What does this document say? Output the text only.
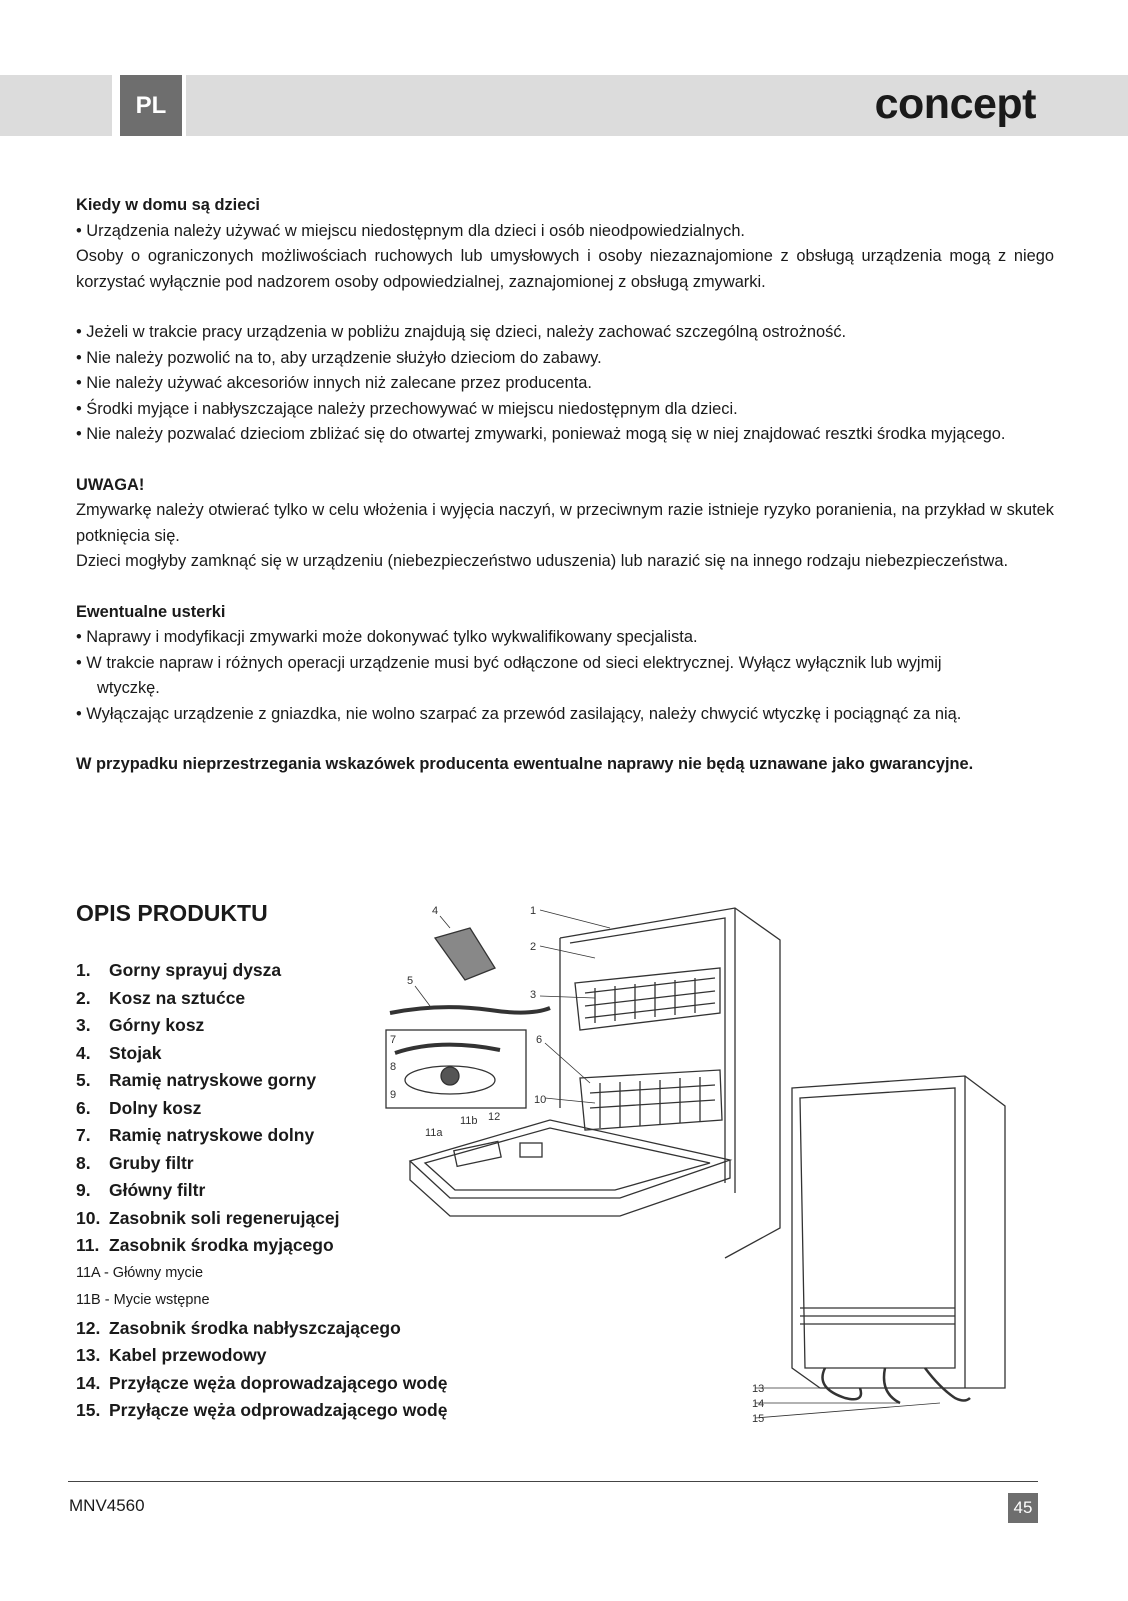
PL	concept

Kiedy w domu są dzieci

• Urządzenia należy używać w miejscu niedostępnym dla dzieci i osób nieodpowiedzialnych.

Osoby o ograniczonych możliwościach ruchowych lub umysłowych i osoby niezaznajomione z obsługą urządzenia mogą z niego korzystać wyłącznie pod nadzorem osoby odpowiedzialnej, zaznajomionej z obsługą zmywarki.

• Jeżeli w trakcie pracy urządzenia w pobliżu znajdują się dzieci, należy zachować szczególną ostrożność.

• Nie należy pozwolić na to, aby urządzenie służyło dzieciom do zabawy.

• Nie należy używać akcesoriów innych niż zalecane przez producenta.

• Środki myjące i nabłyszczające należy przechowywać w miejscu niedostępnym dla dzieci.

• Nie należy pozwalać dzieciom zbliżać się do otwartej zmywarki, ponieważ mogą się w niej znajdować resztki środka myjącego.

UWAGA!

Zmywarkę należy otwierać tylko w celu włożenia i wyjęcia naczyń, w przeciwnym razie istnieje ryzyko poranienia, na przykład w skutek potknięcia się.

Dzieci mogłyby zamknąć się w urządzeniu (niebezpieczeństwo uduszenia) lub narazić się na innego rodzaju niebezpieczeństwa.

Ewentualne usterki

• Naprawy i modyfikacji zmywarki może dokonywać tylko wykwalifikowany specjalista.

• W trakcie napraw i różnych operacji urządzenie musi być odłączone od sieci elektrycznej. Wyłącz wyłącznik lub wyjmij

wtyczkę.

• Wyłączając urządzenie z gniazdka, nie wolno szarpać za przewód zasilający, należy chwycić wtyczkę i pociągnąć za nią.

W przypadku nieprzestrzegania wskazówek producenta ewentualne naprawy nie będą uznawane jako gwarancyjne.

OPIS PRODUKTU
1.	Gorny sprayuj dysza
2.	Kosz na sztućce
3.	Górny kosz
4.	Stojak
5.	Ramię natryskowe gorny
6.	Dolny kosz
7.	Ramię natryskowe dolny
8.	Gruby filtr
9.	Główny filtr
10. Zasobnik soli regenerującej
11. Zasobnik środka myjącego
11A - Główny mycie
11B - Mycie wstępne
12. Zasobnik środka nabłyszczającego
13. Kabel przewodowy
14. Przyłącze węża doprowadzającego wodę
15. Przyłącze węża odprowadzającego wodę
1
2
3
4
5
6
7
8
9	10
11a
11b 12
13
14
15
MNV4560	45
